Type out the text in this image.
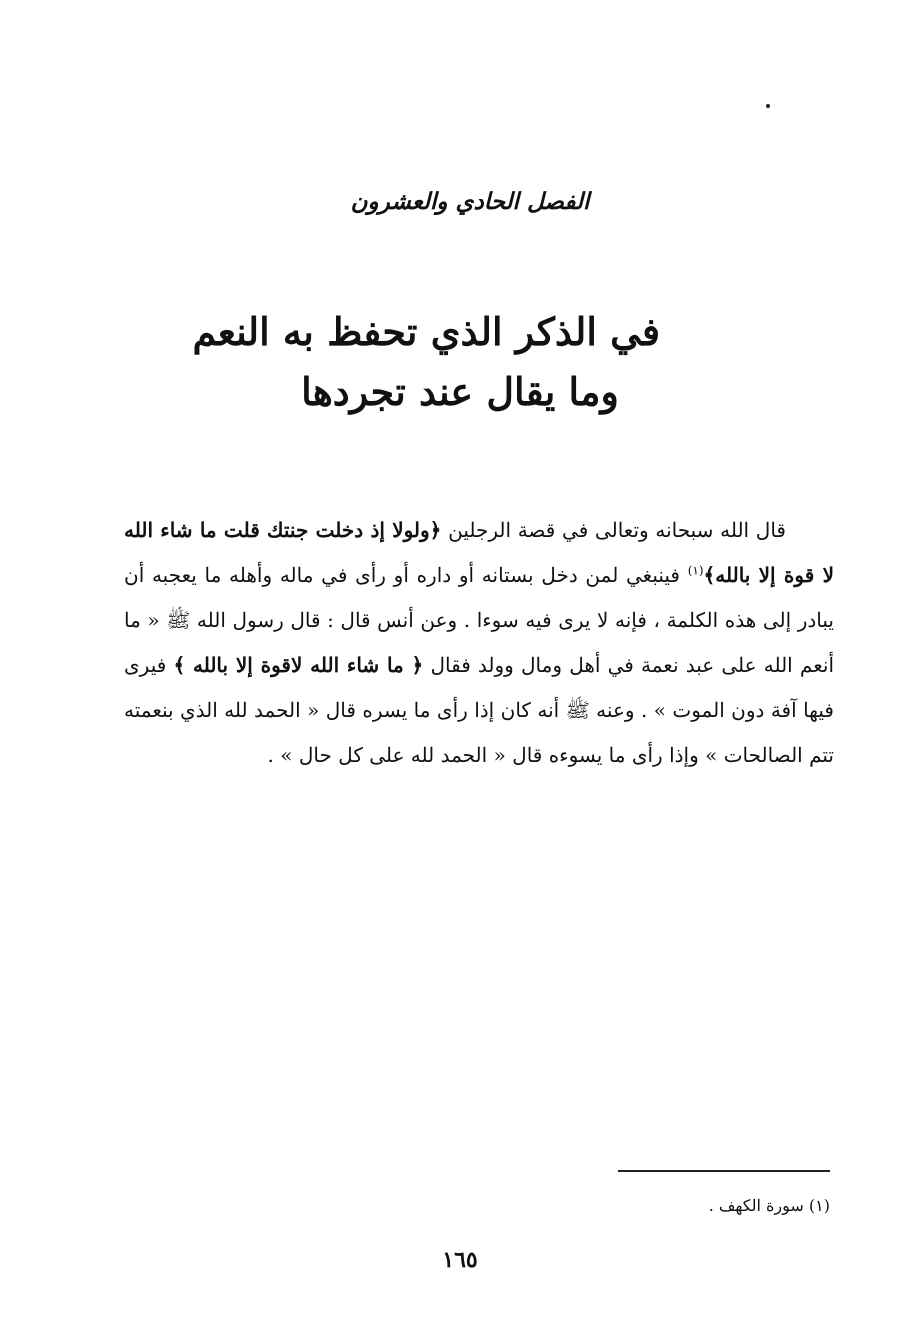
الفصل الحادي والعشرون
في الذكر الذي تحفظ به النعم
وما يقال عند تجردها

قال الله سبحانه وتعالى في قصة الرجلين ﴿ولولا إذ دخلت جنتك قلت ما شاء الله لا قوة إلا بالله﴾$^{(١)}$ فينبغي لمن دخل بستانه أو داره أو رأى في ماله وأهله ما يعجبه أن يبادر إلى هذه الكلمة ، فإنه لا يرى فيه سوءا . وعن أنس قال : قال رسول الله ﷺ « ما أنعم الله على عبد نعمة في أهل ومال وولد فقال ﴿ ما شاء الله لاقوة إلا بالله ﴾ فيرى فيها آفة دون الموت » . وعنه ﷺ أنه كان إذا رأى ما يسره قال « الحمد لله الذي بنعمته تتم الصالحات » وإذا رأى ما يسوءه قال « الحمد لله على كل حال » .

(١) سورة الكهف .
١٦٥
